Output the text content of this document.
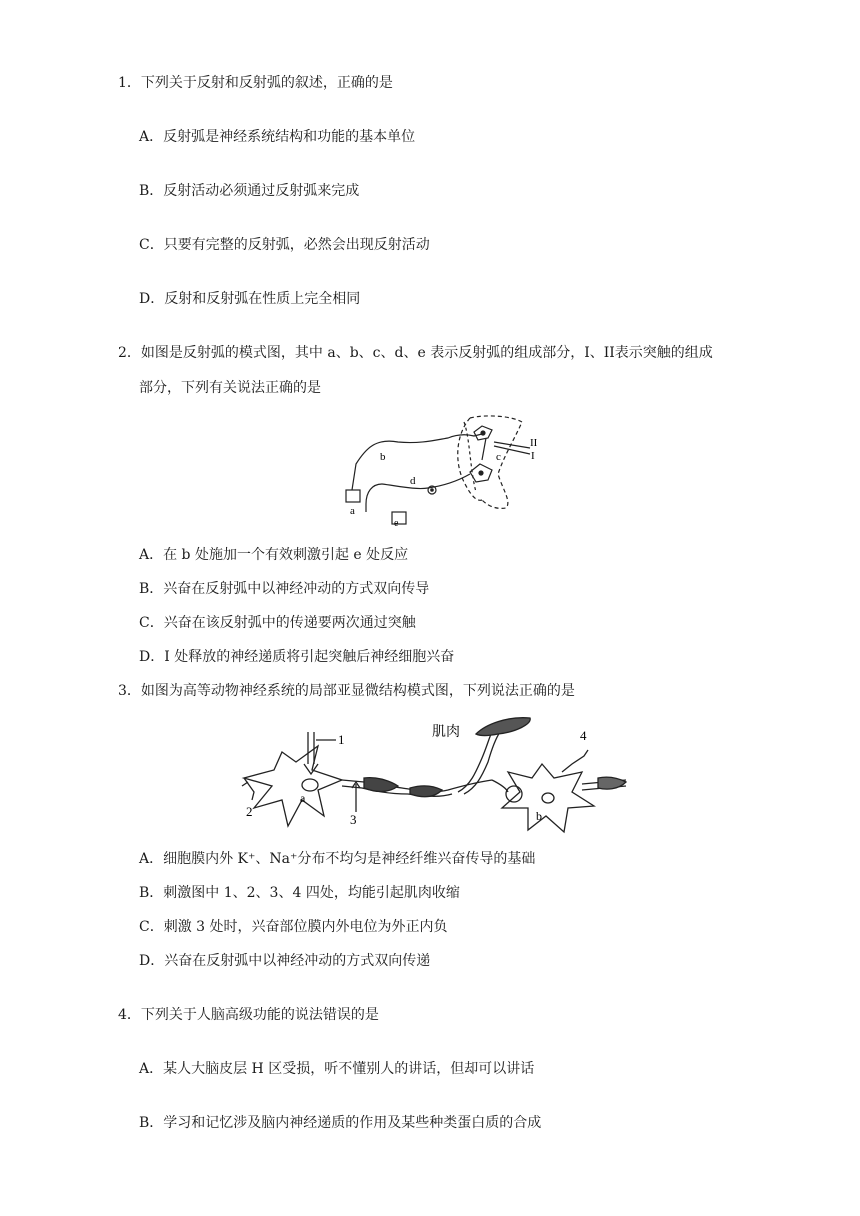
1．下列关于反射和反射弧的叙述，正确的是
A．反射弧是神经系统结构和功能的基本单位
B．反射活动必须通过反射弧来完成
C．只要有完整的反射弧，必然会出现反射活动
D．反射和反射弧在性质上完全相同
2．如图是反射弧的模式图，其中 a、b、c、d、e 表示反射弧的组成部分，I、II表示突触的组成
部分，下列有关说法正确的是
b
a
d
e
c
II
I
A．在 b 处施加一个有效刺激引起 e 处反应
B．兴奋在反射弧中以神经冲动的方式双向传导
C．兴奋在该反射弧中的传递要两次通过突触
D．I 处释放的神经递质将引起突触后神经细胞兴奋
3．如图为高等动物神经系统的局部亚显微结构模式图，下列说法正确的是
1
2
3
4
a
b
肌肉
A．细胞膜内外 K⁺、Na⁺分布不均匀是神经纤维兴奋传导的基础
B．刺激图中 1、2、3、4 四处，均能引起肌肉收缩
C．刺激 3 处时，兴奋部位膜内外电位为外正内负
D．兴奋在反射弧中以神经冲动的方式双向传递
4．下列关于人脑高级功能的说法错误的是
A．某人大脑皮层 H 区受损，听不懂别人的讲话，但却可以讲话
B．学习和记忆涉及脑内神经递质的作用及某些种类蛋白质的合成
